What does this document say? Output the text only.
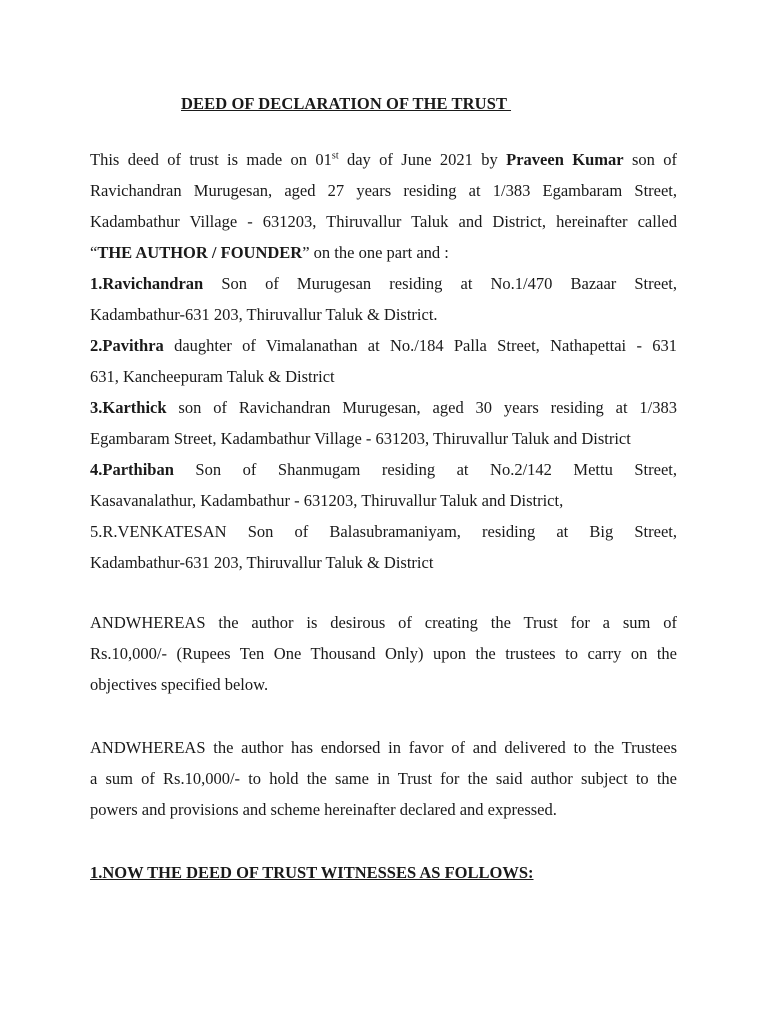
DEED OF DECLARATION OF THE TRUST
This deed of trust is made on 01st day of June 2021 by Praveen Kumar son of
Ravichandran Murugesan, aged 27 years residing at 1/383 Egambaram Street,
Kadambathur Village - 631203, Thiruvallur Taluk and District, hereinafter called
“THE AUTHOR / FOUNDER” on the one part and :
1.Ravichandran Son of Murugesan residing at No.1/470 Bazaar Street,
Kadambathur-631 203, Thiruvallur Taluk & District.
2.Pavithra daughter of Vimalanathan at No./184 Palla Street, Nathapettai - 631
631, Kancheepuram Taluk & District
3.Karthick son of Ravichandran Murugesan, aged 30 years residing at 1/383
Egambaram Street, Kadambathur Village - 631203, Thiruvallur Taluk and District
4.Parthiban Son of Shanmugam residing at No.2/142 Mettu Street,
Kasavanalathur, Kadambathur - 631203, Thiruvallur Taluk and District,
5.R.VENKATESAN Son of Balasubramaniyam, residing at Big Street,
Kadambathur-631 203, Thiruvallur Taluk & District
ANDWHEREAS the author is desirous of creating the Trust for a sum of
Rs.10,000/- (Rupees Ten One Thousand Only) upon the trustees to carry on the
objectives specified below.
ANDWHEREAS the author has endorsed in favor of and delivered to the Trustees
a sum of Rs.10,000/- to hold the same in Trust for the said author subject to the
powers and provisions and scheme hereinafter declared and expressed.
1.NOW THE DEED OF TRUST WITNESSES AS FOLLOWS:
